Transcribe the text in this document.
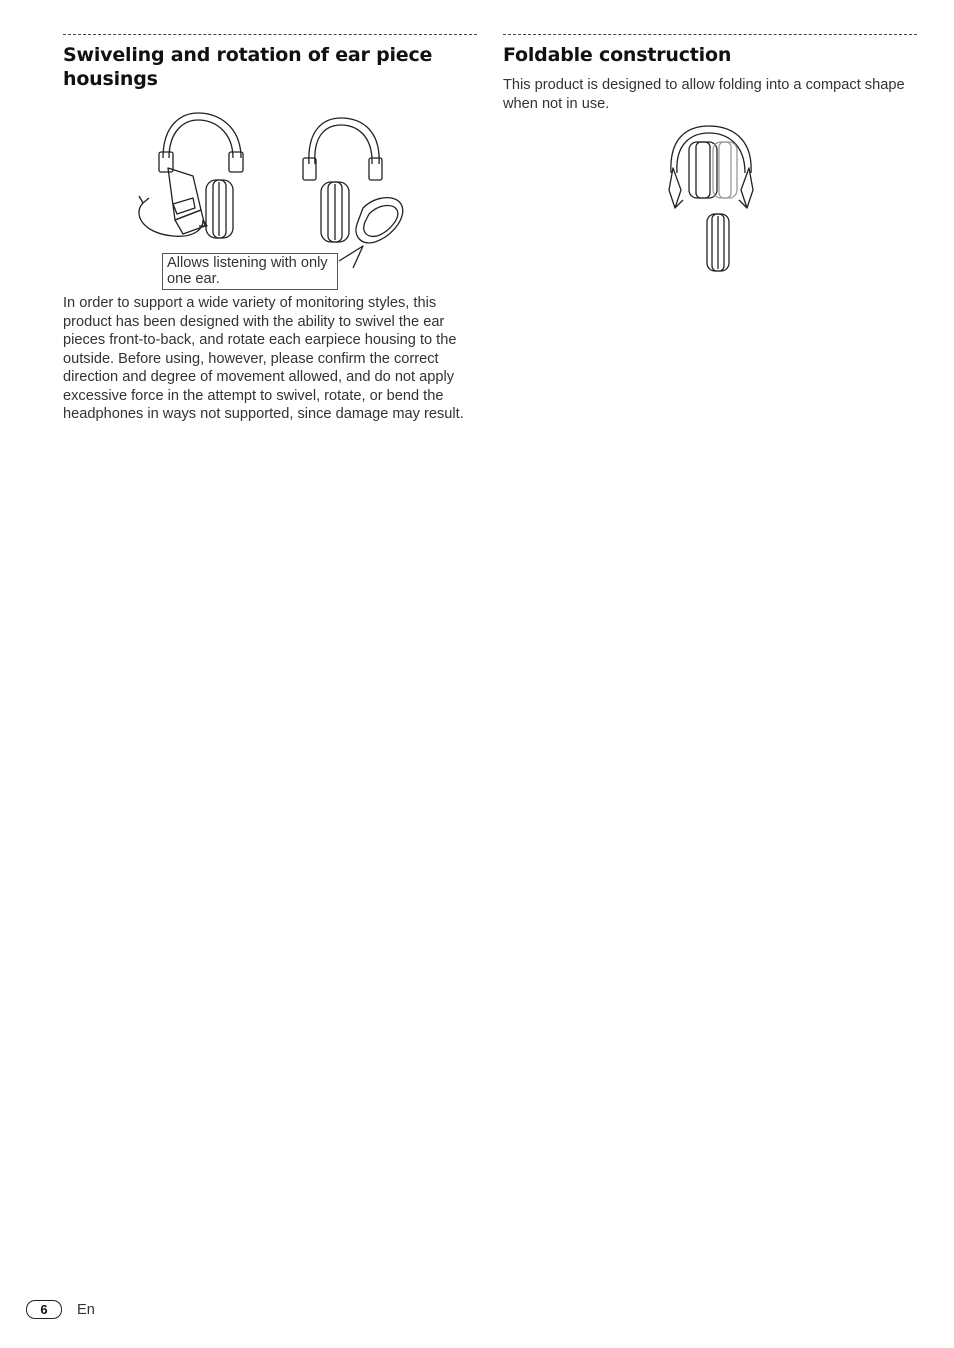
Swiveling and rotation of ear piece housings
Allows listening with only one ear.

In order to support a wide variety of monitoring styles, this product has been designed with the ability to swivel the ear pieces front-to-back, and rotate each earpiece housing to the outside. Before using, however, please confirm the correct direction and degree of movement allowed, and do not apply excessive force in the attempt to swivel, rotate, or bend the headphones in ways not supported, since damage may result.

Foldable construction

This product is designed to allow folding into a compact shape when not in use.

6	En
